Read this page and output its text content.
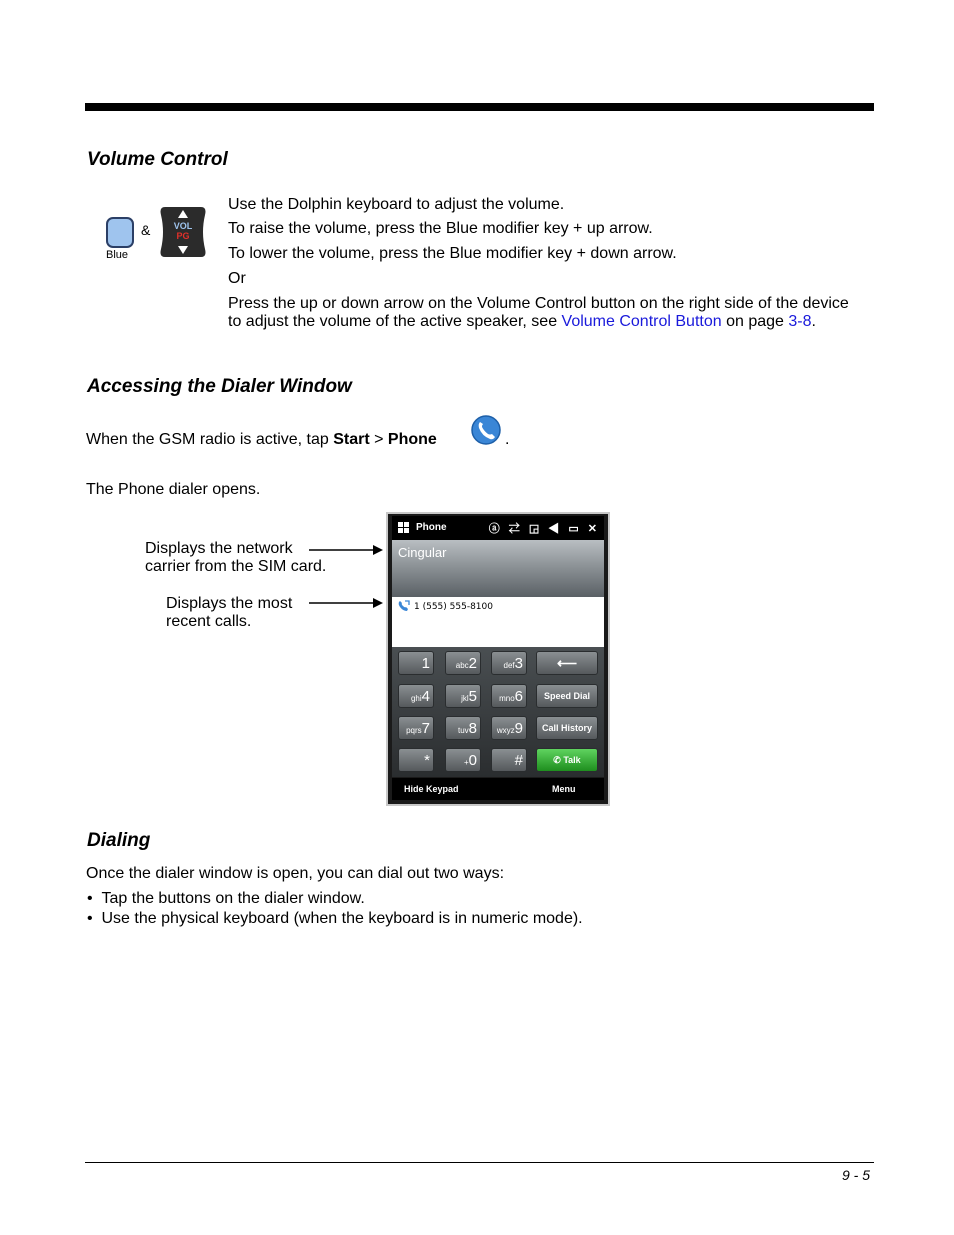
Volume Control
Blue
&	VOL
PG
Use the Dolphin keyboard to adjust the volume.
To raise the volume, press the Blue modifier key + up arrow.
To lower the volume, press the Blue modifier key + down arrow.
Or
Press the up or down arrow on the Volume Control button on the right side of the device to adjust the volume of the active speaker, see Volume Control Button on page 3-8.
Accessing the Dialer Window
When the GSM radio is active, tap Start > Phone	.
The Phone dialer opens.
Displays the network
carrier from the SIM card.
Displays the most
recent calls.
Phone	ⓐ ⇄ ◲ ◀ ▭ ✕
Cingular
1 (555) 555-8100
1	abc2	def3	⟵
ghi4	jkl5	mno6	Speed Dial
pqrs7	tuv8	wxyz9	Call History
*	+0	#	✆ Talk
Hide Keypad	Menu
Dialing
Once the dialer window is open, you can dial out two ways:
•  Tap the buttons on the dialer window.
•  Use the physical keyboard (when the keyboard is in numeric mode).
9 - 5
